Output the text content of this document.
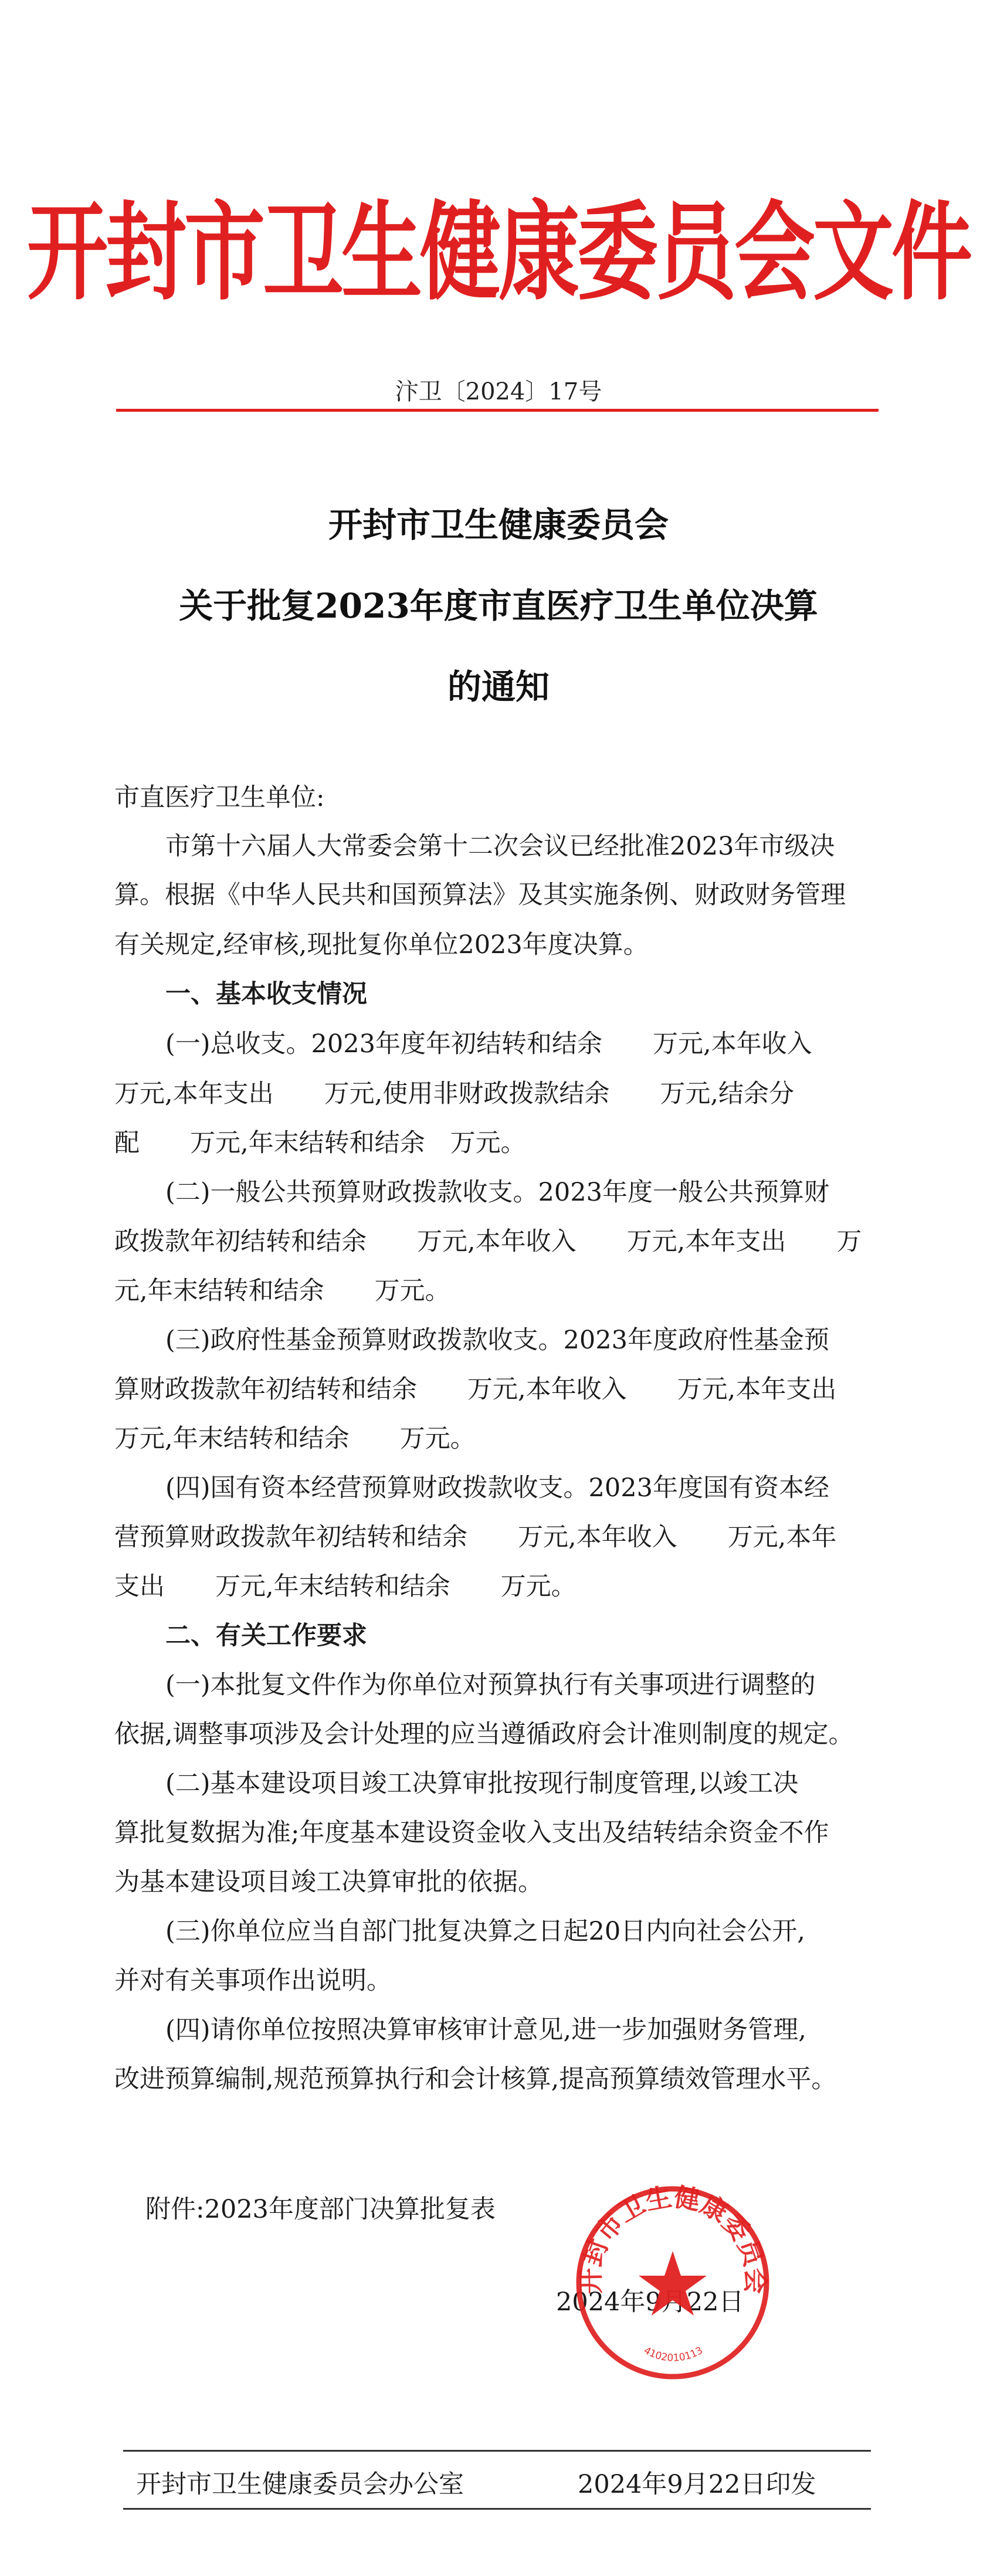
开封市卫生健康委员会文件
汴卫〔2024〕17号
开封市卫生健康委员会
关于批复2023年度市直医疗卫生单位决算
的通知
市直医疗卫生单位:
市第十六届人大常委会第十二次会议已经批准2023年市级决
算。根据《中华人民共和国预算法》及其实施条例、财政财务管理
有关规定,经审核,现批复你单位2023年度决算。
一、基本收支情况
(一)总收支。2023年度年初结转和结余　　万元,本年收入
万元,本年支出　　万元,使用非财政拨款结余　　万元,结余分
配　　万元,年末结转和结余　万元。
(二)一般公共预算财政拨款收支。2023年度一般公共预算财
政拨款年初结转和结余　　万元,本年收入　　万元,本年支出　　万
元,年末结转和结余　　万元。
(三)政府性基金预算财政拨款收支。2023年度政府性基金预
算财政拨款年初结转和结余　　万元,本年收入　　万元,本年支出
万元,年末结转和结余　　万元。
(四)国有资本经营预算财政拨款收支。2023年度国有资本经
营预算财政拨款年初结转和结余　　万元,本年收入　　万元,本年
支出　　万元,年末结转和结余　　万元。
二、有关工作要求
(一)本批复文件作为你单位对预算执行有关事项进行调整的
依据,调整事项涉及会计处理的应当遵循政府会计准则制度的规定。
(二)基本建设项目竣工决算审批按现行制度管理,以竣工决
算批复数据为准;年度基本建设资金收入支出及结转结余资金不作
为基本建设项目竣工决算审批的依据。
(三)你单位应当自部门批复决算之日起20日内向社会公开,
并对有关事项作出说明。
(四)请你单位按照决算审核审计意见,进一步加强财务管理,
改进预算编制,规范预算执行和会计核算,提高预算绩效管理水平。
附件:2023年度部门决算批复表
2024年9月22日
开封市卫生健康委员会
4102010113
开封市卫生健康委员会办公室	2024年9月22日印发
